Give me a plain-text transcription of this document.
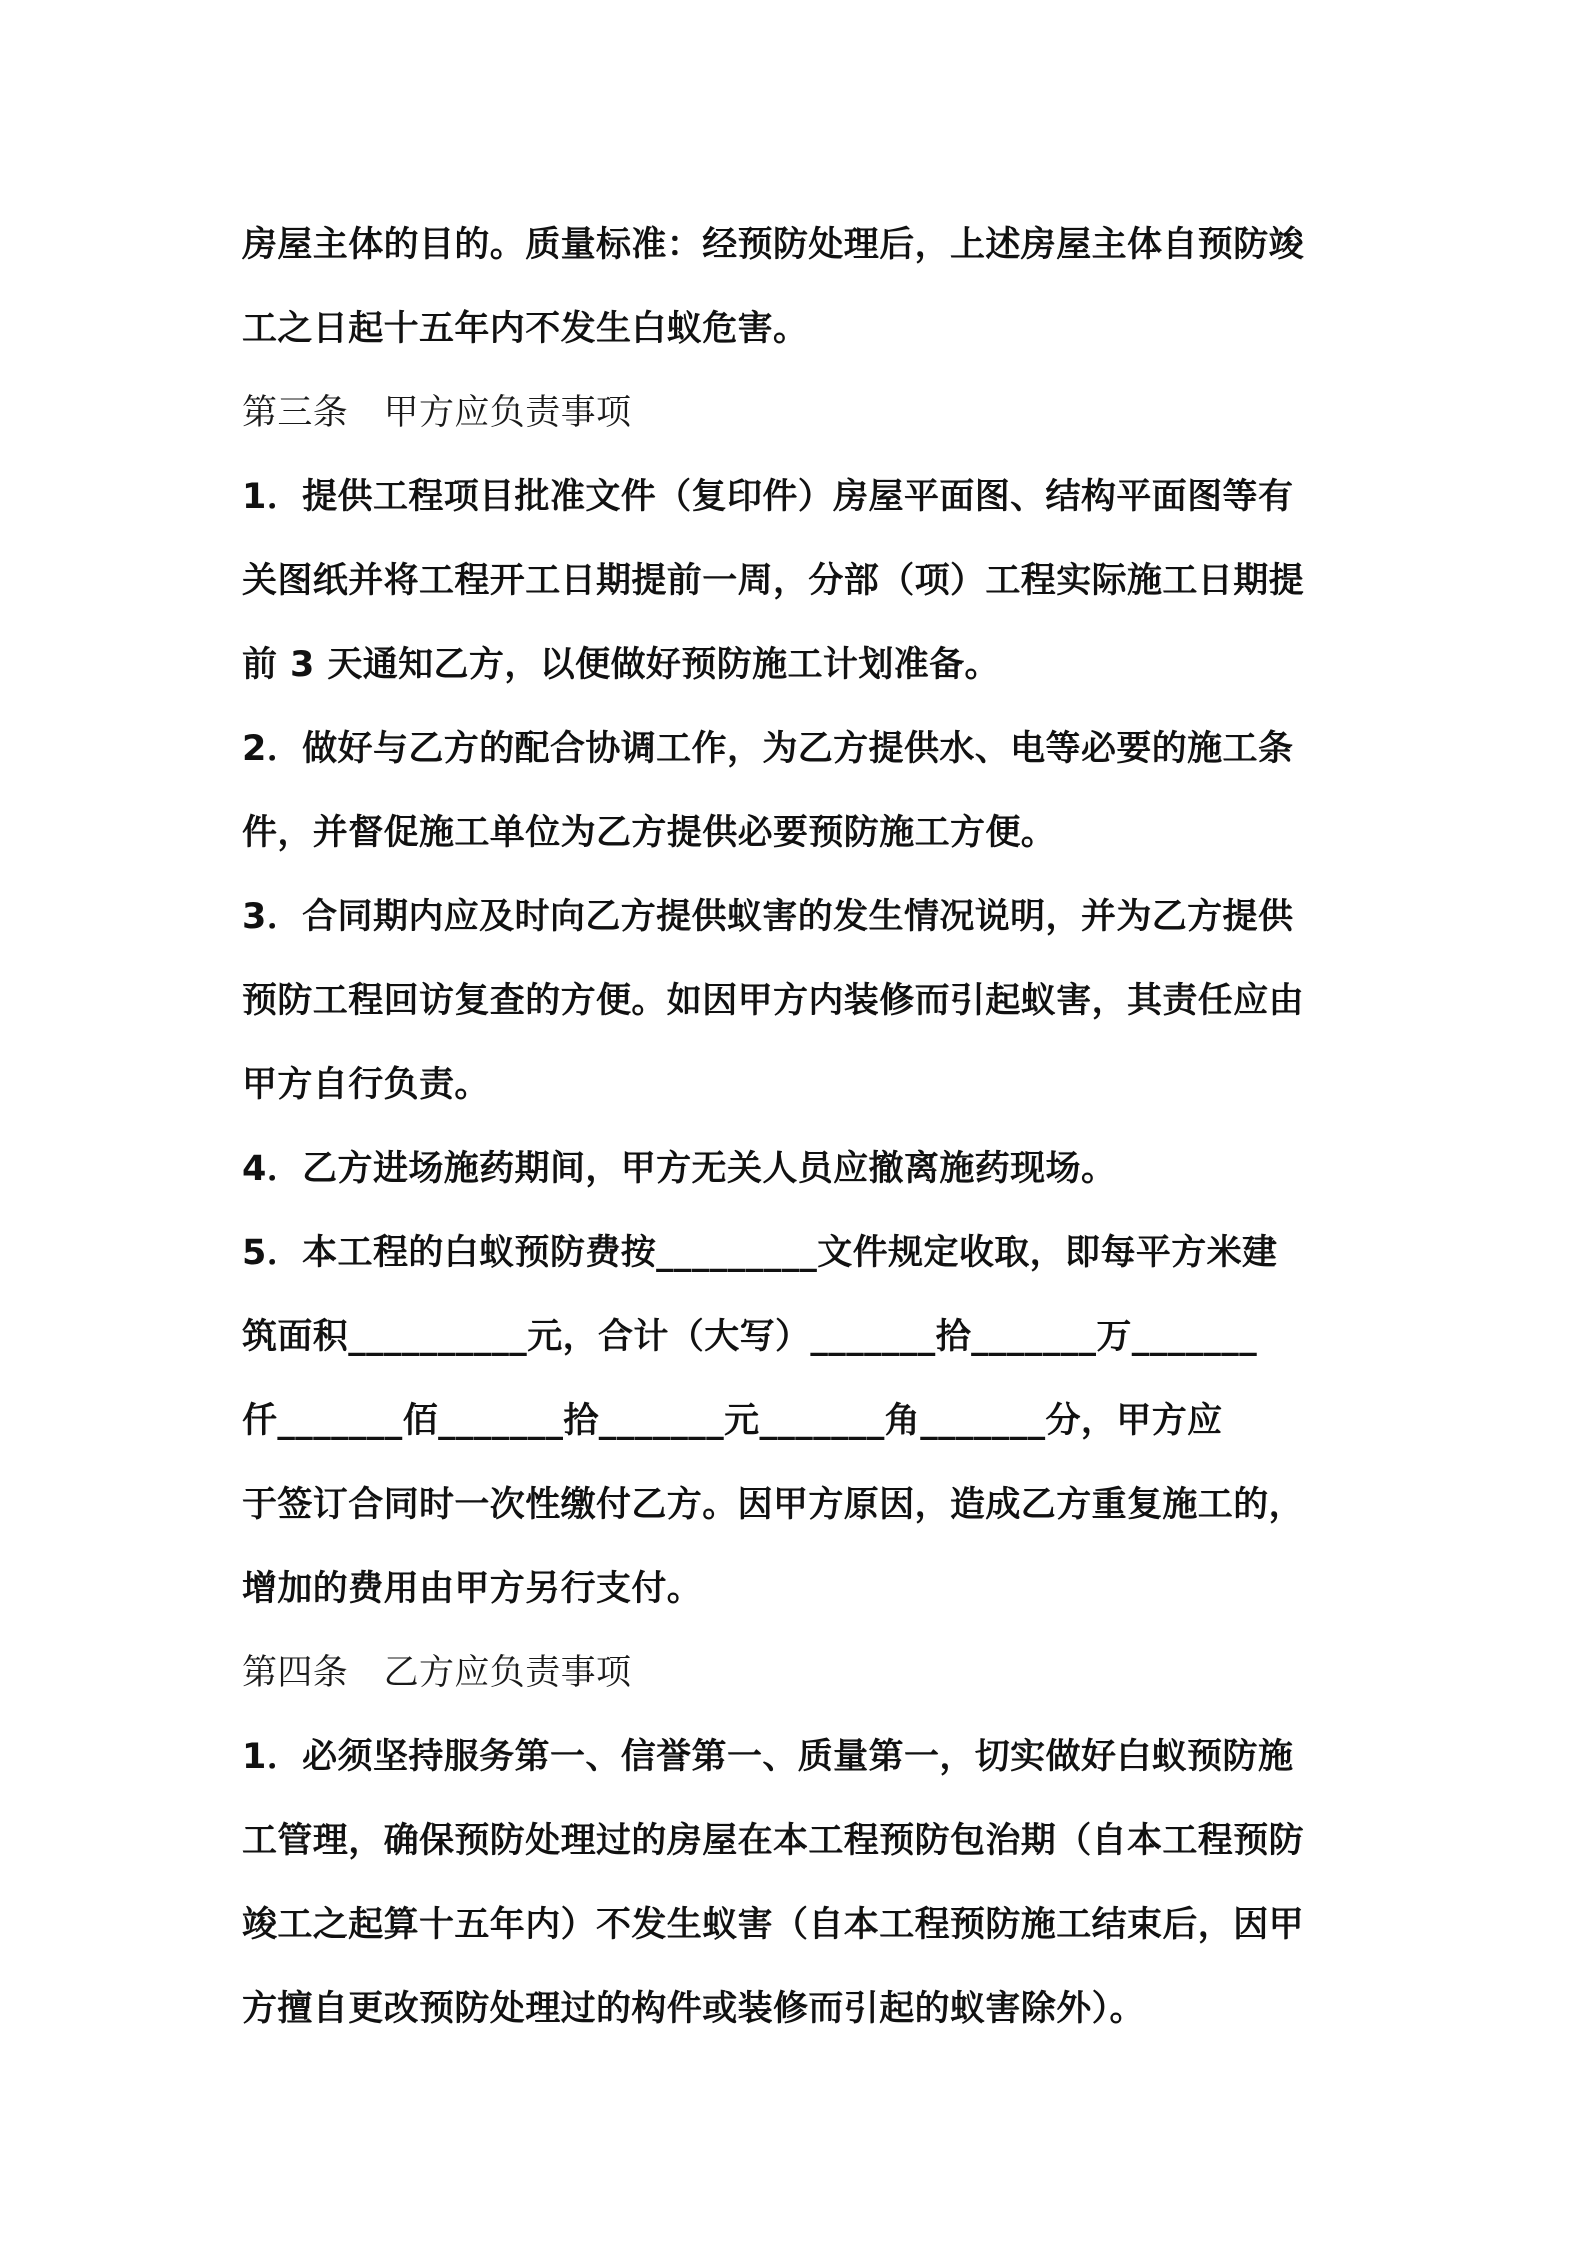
房屋主体的目的。质量标准：经预防处理后，上述房屋主体自预防竣
工之日起十五年内不发生白蚁危害。
第三条　甲方应负责事项
1．提供工程项目批准文件（复印件）房屋平面图、结构平面图等有
关图纸并将工程开工日期提前一周，分部（项）工程实际施工日期提
前 3 天通知乙方，以便做好预防施工计划准备。
2．做好与乙方的配合协调工作，为乙方提供水、电等必要的施工条
件，并督促施工单位为乙方提供必要预防施工方便。
3．合同期内应及时向乙方提供蚁害的发生情况说明，并为乙方提供
预防工程回访复查的方便。如因甲方内装修而引起蚁害，其责任应由
甲方自行负责。
4．乙方进场施药期间，甲方无关人员应撤离施药现场。
5．本工程的白蚁预防费按_________文件规定收取，即每平方米建
筑面积__________元，合计（大写）_______拾_______万_______
仟_______佰_______拾_______元_______角_______分，甲方应
于签订合同时一次性缴付乙方。因甲方原因，造成乙方重复施工的，
增加的费用由甲方另行支付。
第四条　乙方应负责事项
1．必须坚持服务第一、信誉第一、质量第一，切实做好白蚁预防施
工管理，确保预防处理过的房屋在本工程预防包治期（自本工程预防
竣工之起算十五年内）不发生蚁害（自本工程预防施工结束后，因甲
方擅自更改预防处理过的构件或装修而引起的蚁害除外）。
